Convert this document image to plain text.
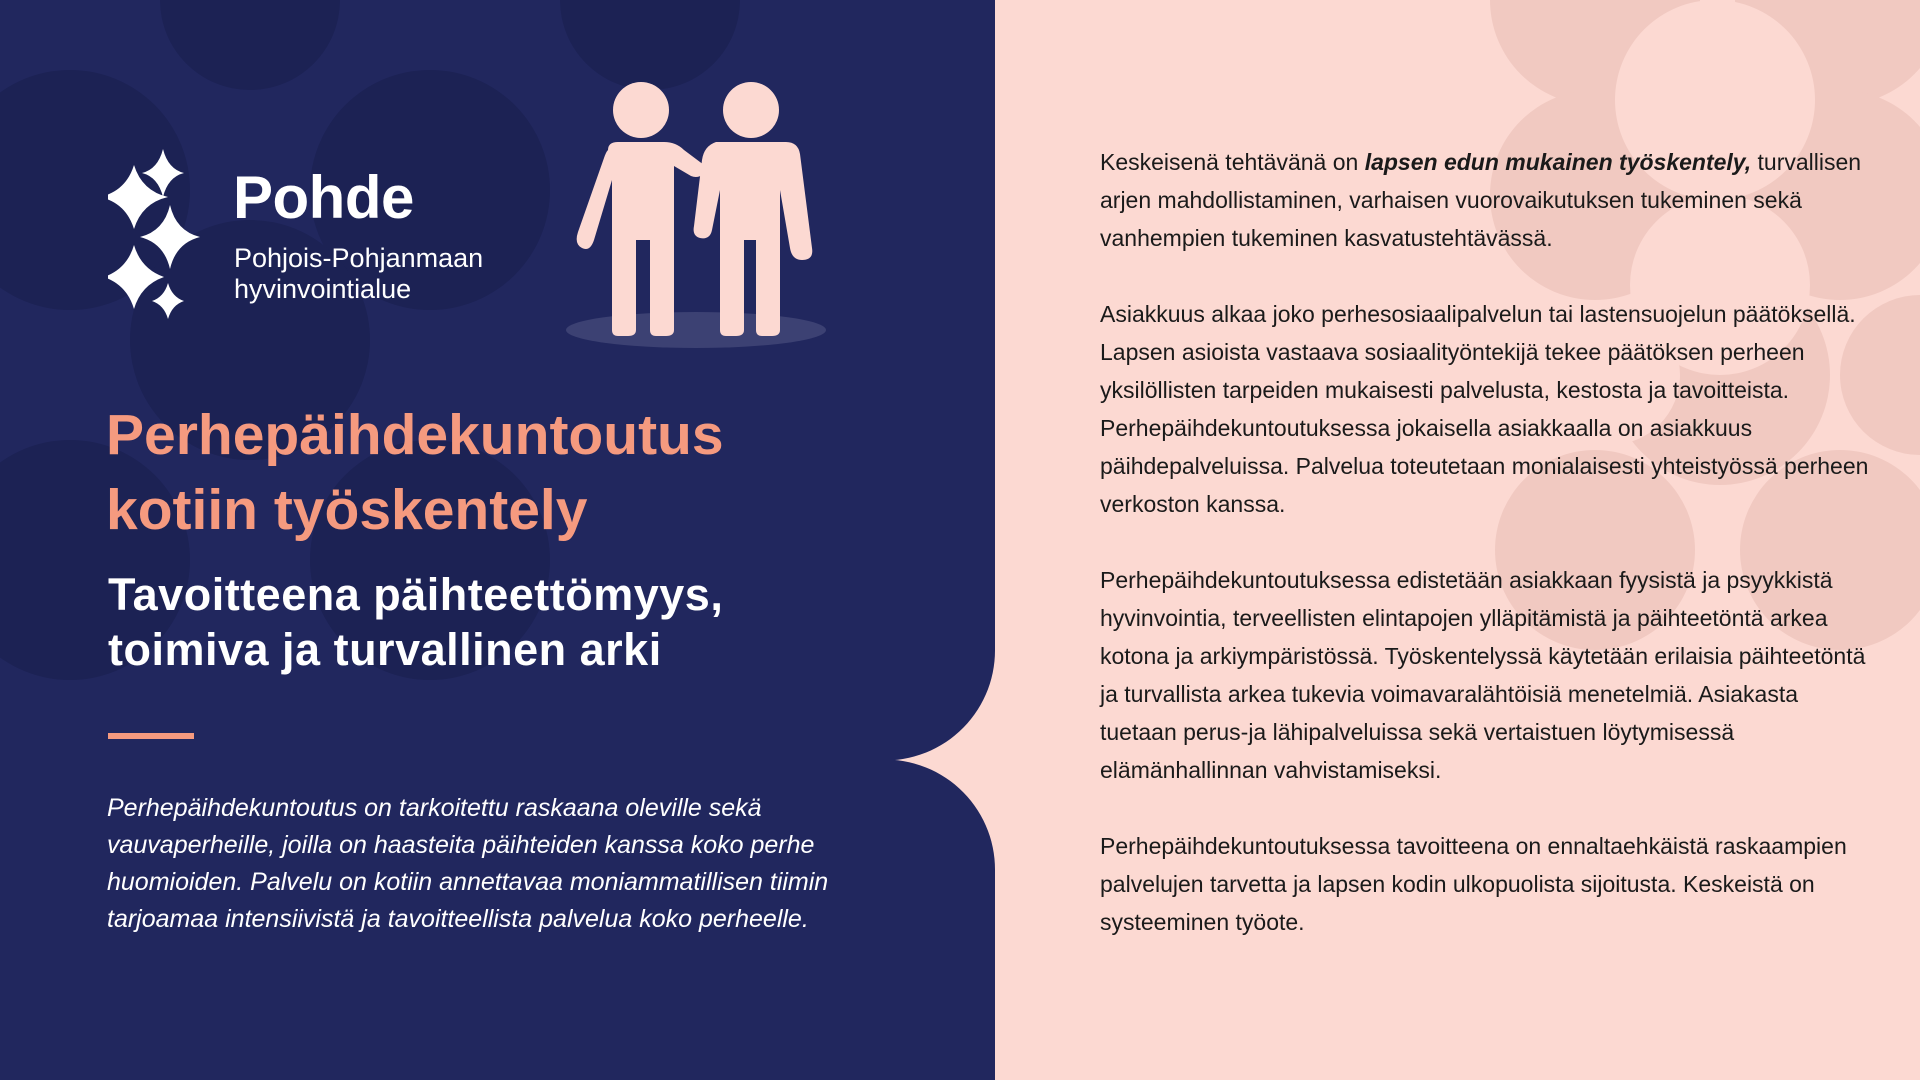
Pohde
Pohjois-Pohjanmaan
hyvinvointialue
Perhepäihdekuntoutus
kotiin työskentely
Tavoitteena päihteettömyys,
toimiva ja turvallinen arki

Perhepäihdekuntoutus on tarkoitettu raskaana oleville sekä vauvaperheille, joilla on haasteita päihteiden kanssa koko perhe huomioiden. Palvelu on kotiin annettavaa moniammatillisen tiimin tarjoamaa intensiivistä ja tavoitteellista palvelua koko perheelle.

Keskeisenä tehtävänä on lapsen edun mukainen työskentely, turvallisen arjen mahdollistaminen, varhaisen vuorovaikutuksen tukeminen sekä vanhempien tukeminen kasvatustehtävässä.

Asiakkuus alkaa joko perhesosiaalipalvelun tai lastensuojelun päätöksellä. Lapsen asioista vastaava sosiaalityöntekijä tekee päätöksen perheen yksilöllisten tarpeiden mukaisesti palvelusta, kestosta ja tavoitteista. Perhepäihdekuntoutuksessa jokaisella asiakkaalla on asiakkuus päihdepalveluissa. Palvelua toteutetaan monialaisesti yhteistyössä perheen verkoston kanssa.

Perhepäihdekuntoutuksessa edistetään asiakkaan fyysistä ja psyykkistä hyvinvointia, terveellisten elintapojen ylläpitämistä ja päihteetöntä arkea kotona ja arkiympäristössä. Työskentelyssä käytetään erilaisia päihteetöntä ja turvallista arkea tukevia voimavaralähtöisiä menetelmiä. Asiakasta tuetaan perus-ja lähipalveluissa sekä vertaistuen löytymisessä elämänhallinnan vahvistamiseksi.

Perhepäihdekuntoutuksessa tavoitteena on ennaltaehkäistä raskaampien palvelujen tarvetta ja lapsen kodin ulkopuolista sijoitusta. Keskeistä on systeeminen työote.
